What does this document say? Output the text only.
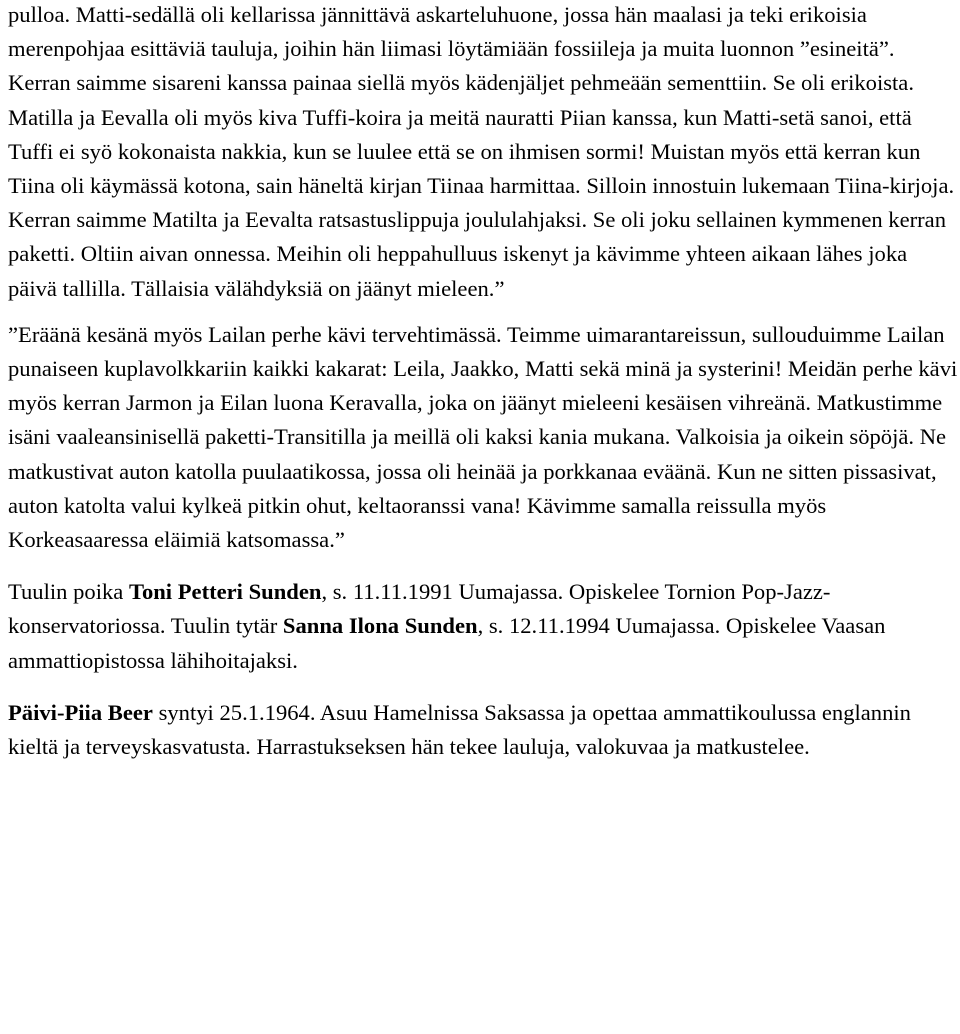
pulloa. Matti-sedällä oli kellarissa jännittävä askarteluhuone, jossa hän maalasi ja teki erikoisia merenpohjaa esittäviä tauluja, joihin hän liimasi löytämiään fossiileja ja muita luonnon ”esineitä”. Kerran saimme sisareni kanssa painaa siellä myös kädenjäljet pehmeään sementtiin. Se oli erikoista. Matilla ja Eevalla oli myös kiva Tuffi-koira ja meitä nauratti Piian kanssa, kun Matti-setä sanoi, että Tuffi ei syö kokonaista nakkia, kun se luulee että se on ihmisen sormi! Muistan myös että kerran kun Tiina oli käymässä kotona, sain häneltä kirjan Tiinaa harmittaa. Silloin innostuin lukemaan Tiina-kirjoja. Kerran saimme Matilta ja Eevalta ratsastuslippuja joululahjaksi. Se oli joku sellainen kymmenen kerran paketti. Oltiin aivan onnessa. Meihin oli heppahulluus iskenyt ja kävimme yhteen aikaan lähes joka päivä tallilla. Tällaisia välähdyksiä on jäänyt mieleen.”

”Eräänä kesänä myös Lailan perhe kävi tervehtimässä. Teimme uimarantareissun, sullouduimme Lailan punaiseen kuplavolkkariin kaikki kakarat: Leila, Jaakko, Matti sekä minä ja systerini! Meidän perhe kävi myös kerran Jarmon ja Eilan luona Keravalla, joka on jäänyt mieleeni kesäisen vihreänä. Matkustimme isäni vaaleansinisellä paketti-Transitilla ja meillä oli kaksi kania mukana. Valkoisia ja oikein söpöjä. Ne matkustivat auton katolla puulaatikossa, jossa oli heinää ja porkkanaa eväänä. Kun ne sitten pissasivat, auton katolta valui kylkeä pitkin ohut, keltaoranssi vana! Kävimme samalla reissulla myös Korkeasaaressa eläimiä katsomassa.”

Tuulin poika Toni Petteri Sunden, s. 11.11.1991 Uumajassa. Opiskelee Tornion Pop-Jazz-konservatoriossa. Tuulin tytär Sanna Ilona Sunden, s. 12.11.1994 Uumajassa. Opiskelee Vaasan ammattiopistossa lähihoitajaksi.

Päivi-Piia Beer syntyi 25.1.1964. Asuu Hamelnissa Saksassa ja opettaa ammattikoulussa englannin kieltä ja terveyskasvatusta. Harrastukseksen hän tekee lauluja, valokuvaa ja matkustelee.
